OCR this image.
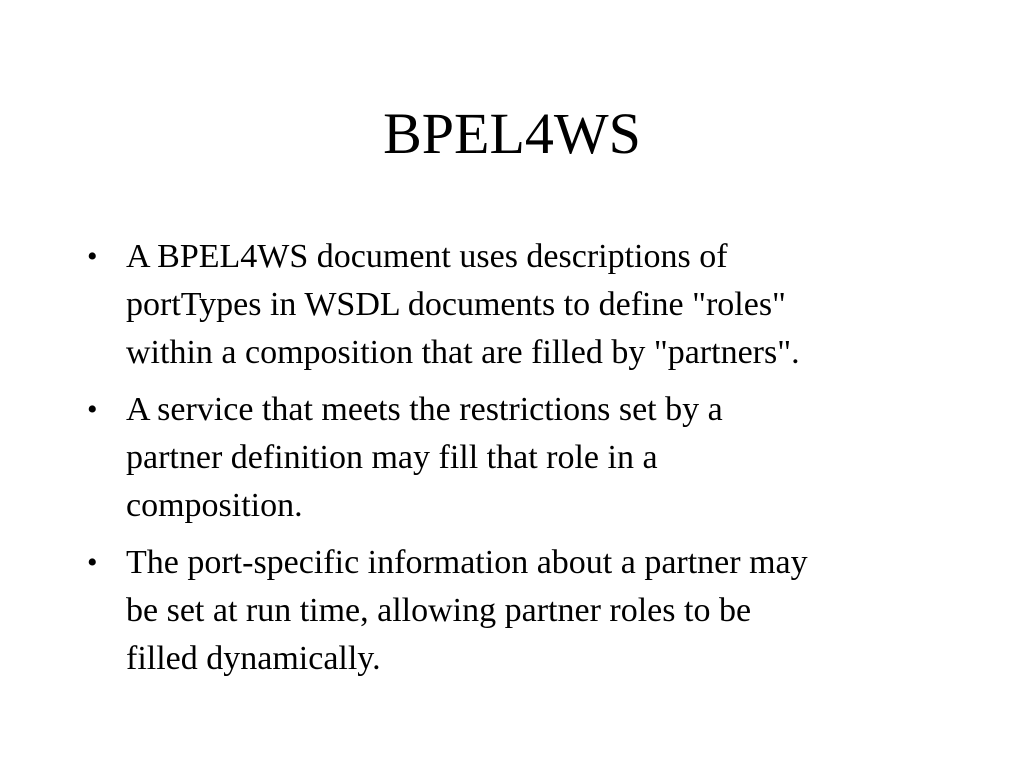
BPEL4WS
• A BPEL4WS document uses descriptions of
portTypes in WSDL documents to define "roles"
within a composition that are filled by "partners".
• A service that meets the restrictions set by a
partner definition may fill that role in a
composition.
• The port-specific information about a partner may
be set at run time, allowing partner roles to be
filled dynamically.
